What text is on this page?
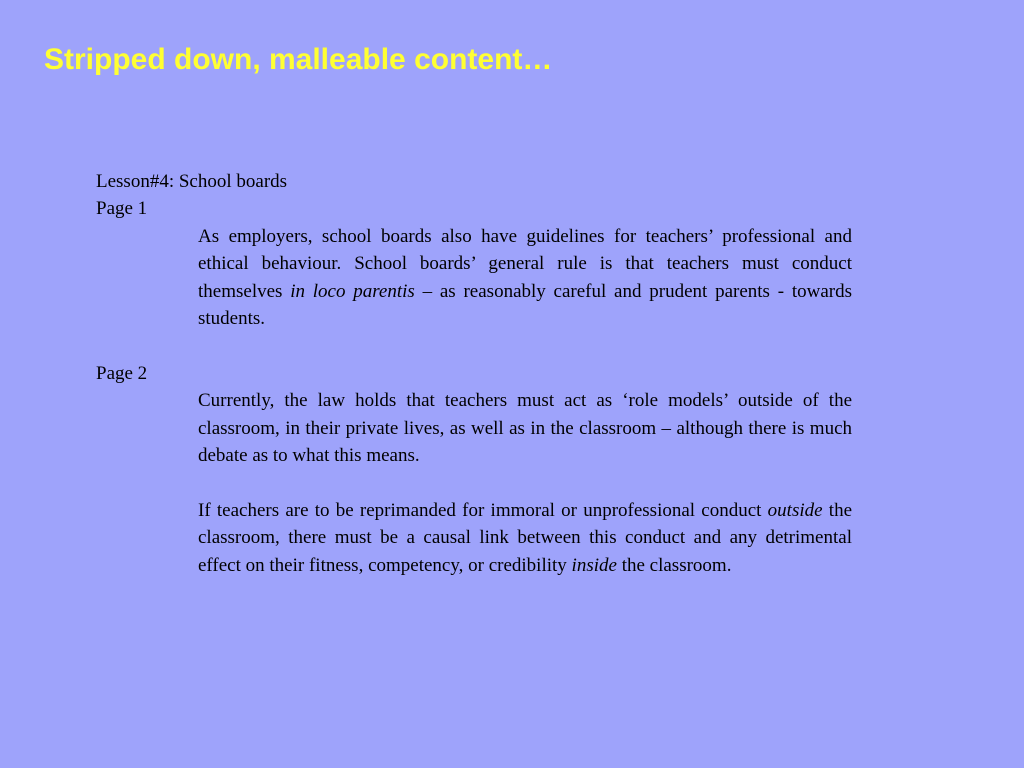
Stripped down, malleable content…

Lesson#4: School boards

Page 1

As employers, school boards also have guidelines for teachers’ professional and ethical behaviour. School boards’ general rule is that teachers must conduct themselves in loco parentis – as reasonably careful and prudent parents - towards students.

Page 2

Currently, the law holds that teachers must act as ‘role models’ outside of the classroom, in their private lives, as well as in the classroom – although there is much debate as to what this means.

If teachers are to be reprimanded for immoral or unprofessional conduct outside the classroom, there must be a causal link between this conduct and any detrimental effect on their fitness, competency, or credibility inside the classroom.
